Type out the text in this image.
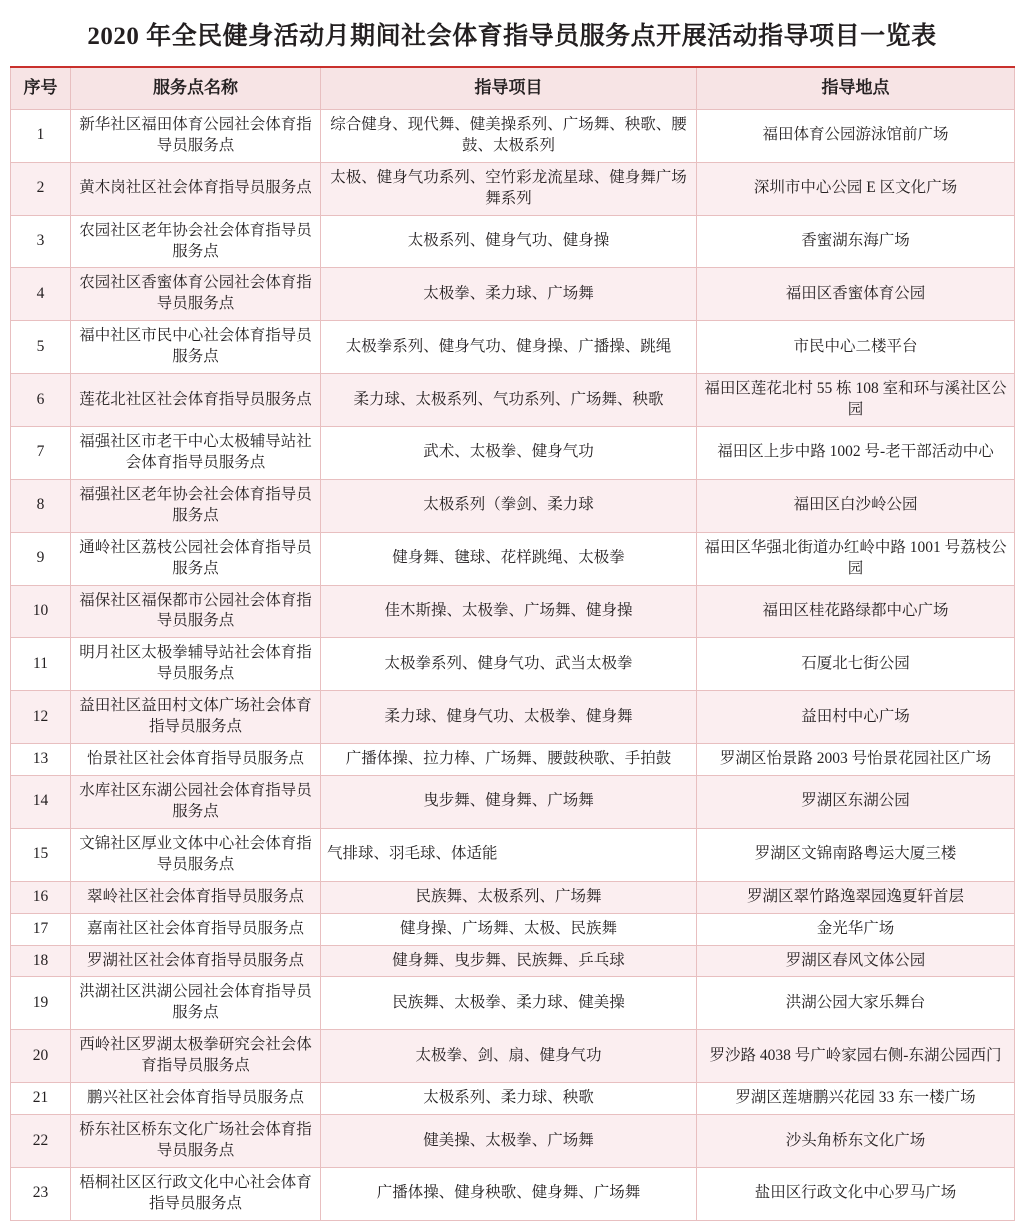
2020 年全民健身活动月期间社会体育指导员服务点开展活动指导项目一览表
序号	服务点名称	指导项目	指导地点
1	新华社区福田体育公园社会体育指导员服务点	综合健身、现代舞、健美操系列、广场舞、秧歌、腰鼓、太极系列	福田体育公园游泳馆前广场
2	黄木岗社区社会体育指导员服务点	太极、健身气功系列、空竹彩龙流星球、健身舞广场舞系列	深圳市中心公园 E 区文化广场
3	农园社区老年协会社会体育指导员服务点	太极系列、健身气功、健身操	香蜜湖东海广场
4	农园社区香蜜体育公园社会体育指导员服务点	太极拳、柔力球、广场舞	福田区香蜜体育公园
5	福中社区市民中心社会体育指导员服务点	太极拳系列、健身气功、健身操、广播操、跳绳	市民中心二楼平台
6	莲花北社区社会体育指导员服务点	柔力球、太极系列、气功系列、广场舞、秧歌	福田区莲花北村 55 栋 108 室和环与溪社区公园
7	福强社区市老干中心太极辅导站社会体育指导员服务点	武术、太极拳、健身气功	福田区上步中路 1002 号-老干部活动中心
8	福强社区老年协会社会体育指导员服务点	太极系列（拳剑、柔力球	福田区白沙岭公园
9	通岭社区荔枝公园社会体育指导员服务点	健身舞、毽球、花样跳绳、太极拳	福田区华强北街道办红岭中路 1001 号荔枝公园
10	福保社区福保都市公园社会体育指导员服务点	佳木斯操、太极拳、广场舞、健身操	福田区桂花路绿都中心广场
11	明月社区太极拳辅导站社会体育指导员服务点	太极拳系列、健身气功、武当太极拳	石厦北七街公园
12	益田社区益田村文体广场社会体育指导员服务点	柔力球、健身气功、太极拳、健身舞	益田村中心广场
13	怡景社区社会体育指导员服务点	广播体操、拉力棒、广场舞、腰鼓秧歌、手拍鼓	罗湖区怡景路 2003 号怡景花园社区广场
14	水库社区东湖公园社会体育指导员服务点	曳步舞、健身舞、广场舞	罗湖区东湖公园
15	文锦社区厚业文体中心社会体育指导员服务点	气排球、羽毛球、体适能	罗湖区文锦南路粤运大厦三楼
16	翠岭社区社会体育指导员服务点	民族舞、太极系列、广场舞	罗湖区翠竹路逸翠园逸夏轩首层
17	嘉南社区社会体育指导员服务点	健身操、广场舞、太极、民族舞	金光华广场
18	罗湖社区社会体育指导员服务点	健身舞、曳步舞、民族舞、乒乓球	罗湖区春风文体公园
19	洪湖社区洪湖公园社会体育指导员服务点	民族舞、太极拳、柔力球、健美操	洪湖公园大家乐舞台
20	西岭社区罗湖太极拳研究会社会体育指导员服务点	太极拳、剑、扇、健身气功	罗沙路 4038 号广岭家园右侧-东湖公园西门
21	鹏兴社区社会体育指导员服务点	太极系列、柔力球、秧歌	罗湖区莲塘鹏兴花园 33 东一楼广场
22	桥东社区桥东文化广场社会体育指导员服务点	健美操、太极拳、广场舞	沙头角桥东文化广场
23	梧桐社区区行政文化中心社会体育指导员服务点	广播体操、健身秧歌、健身舞、广场舞	盐田区行政文化中心罗马广场
